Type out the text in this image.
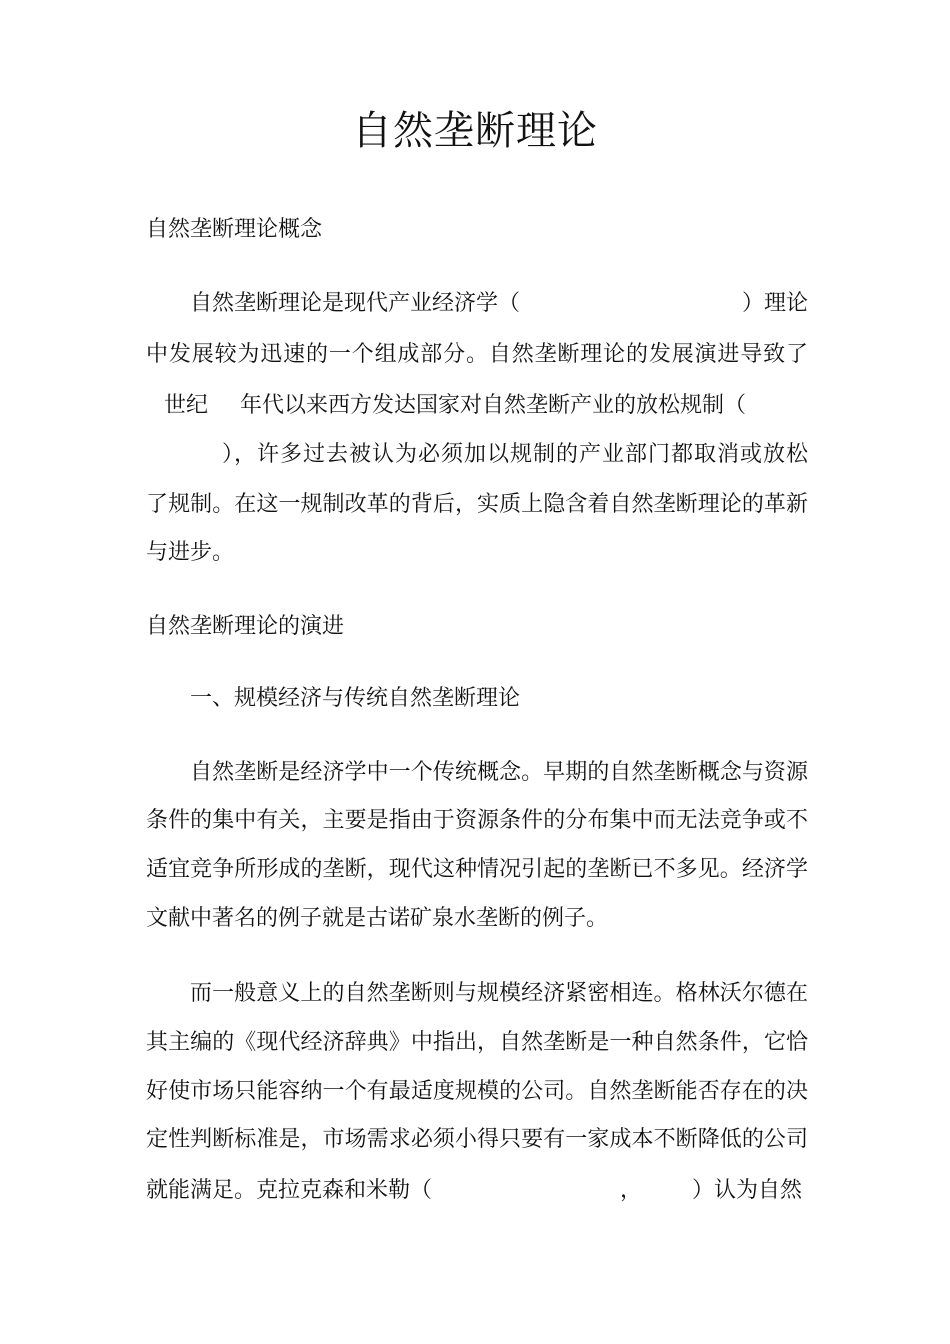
自然垄断理论
自然垄断理论概念
自然垄断理论是现代产业经济学（	）理论
中发展较为迅速的一个组成部分。自然垄断理论的发展演进导致了
世纪 年代以来西方发达国家对自然垄断产业的放松规制（
），许多过去被认为必须加以规制的产业部门都取消或放松
了规制。在这一规制改革的背后，实质上隐含着自然垄断理论的革新
与进步。
自然垄断理论的演进
一、规模经济与传统自然垄断理论
自然垄断是经济学中一个传统概念。早期的自然垄断概念与资源
条件的集中有关，主要是指由于资源条件的分布集中而无法竞争或不
适宜竞争所形成的垄断，现代这种情况引起的垄断已不多见。经济学
文献中著名的例子就是古诺矿泉水垄断的例子。
而一般意义上的自然垄断则与规模经济紧密相连。格林沃尔德在
其主编的《现代经济辞典》中指出，自然垄断是一种自然条件，它恰
好使市场只能容纳一个有最适度规模的公司。自然垄断能否存在的决
定性判断标准是，市场需求必须小得只要有一家成本不断降低的公司
就能满足。克拉克森和米勒（	， ）认为自然
